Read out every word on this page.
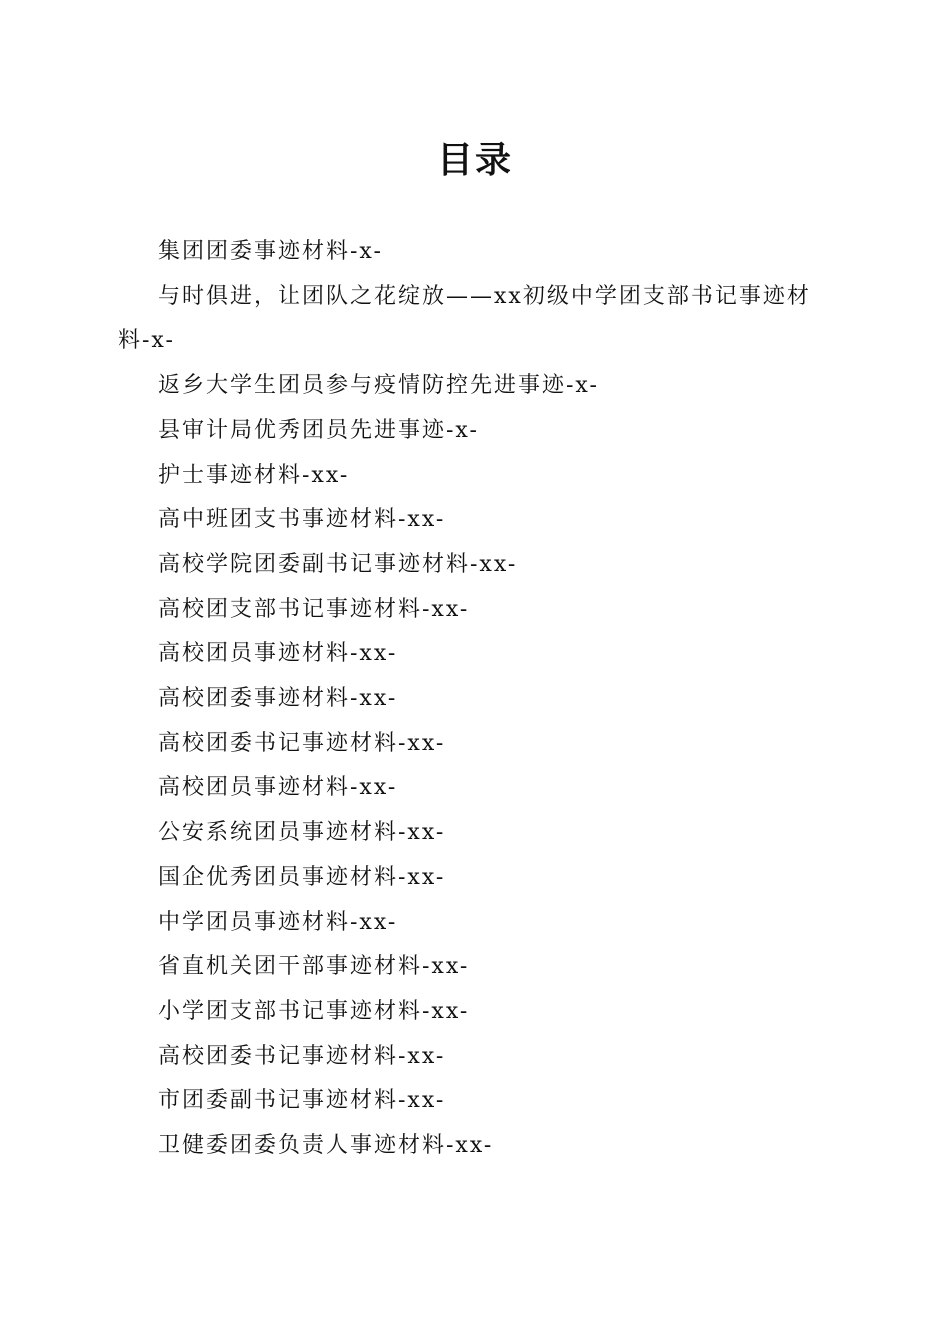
目录
集团团委事迹材料-x-
与时俱进，让团队之花绽放——xx初级中学团支部书记事迹材料-x-
返乡大学生团员参与疫情防控先进事迹-x-
县审计局优秀团员先进事迹-x-
护士事迹材料-xx-
高中班团支书事迹材料-xx-
高校学院团委副书记事迹材料-xx-
高校团支部书记事迹材料-xx-
高校团员事迹材料-xx-
高校团委事迹材料-xx-
高校团委书记事迹材料-xx-
高校团员事迹材料-xx-
公安系统团员事迹材料-xx-
国企优秀团员事迹材料-xx-
中学团员事迹材料-xx-
省直机关团干部事迹材料-xx-
小学团支部书记事迹材料-xx-
高校团委书记事迹材料-xx-
市团委副书记事迹材料-xx-
卫健委团委负责人事迹材料-xx-
